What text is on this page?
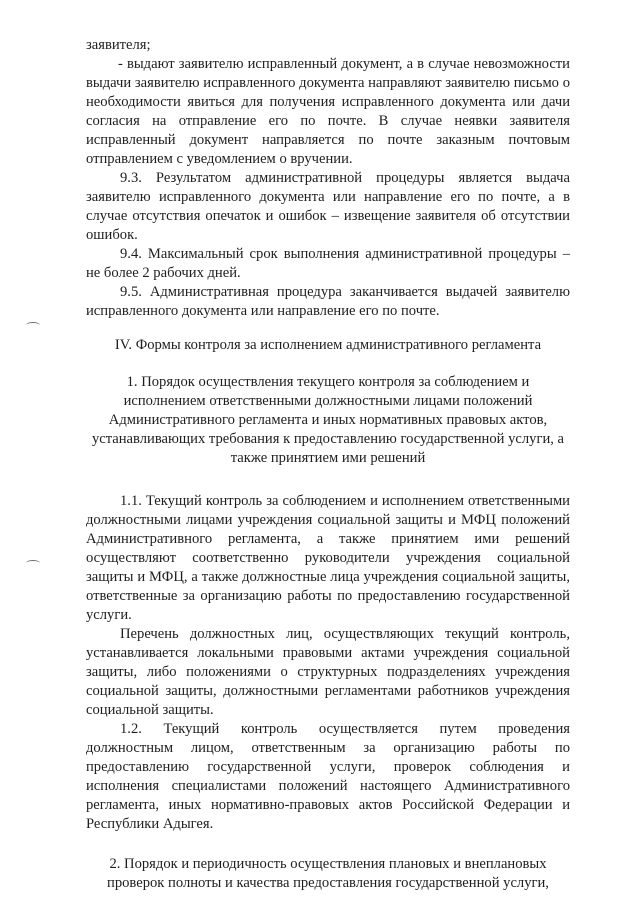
заявителя;

- выдают заявителю исправленный документ, а в случае невозможности выдачи заявителю исправленного документа направляют заявителю письмо о необходимости явиться для получения исправленного документа или дачи согласия на отправление его по почте. В случае неявки заявителя исправленный документ направляется по почте заказным почтовым отправлением с уведомлением о вручении.

9.3. Результатом административной процедуры является выдача заявителю исправленного документа или направление его по почте, а в случае отсутствия опечаток и ошибок – извещение заявителя об отсутствии ошибок.

9.4. Максимальный срок выполнения административной процедуры – не более 2 рабочих дней.

9.5. Административная процедура заканчивается выдачей заявителю исправленного документа или направление его по почте.

IV. Формы контроля за исполнением административного регламента

1. Порядок осуществления текущего контроля за соблюдением и исполнением ответственными должностными лицами положений Административного регламента и иных нормативных правовых актов, устанавливающих требования к предоставлению государственной услуги, а также принятием ими решений

1.1. Текущий контроль за соблюдением и исполнением ответственными должностными лицами учреждения социальной защиты и МФЦ положений Административного регламента, а также принятием ими решений осуществляют соответственно руководители учреждения социальной защиты и МФЦ, а также должностные лица учреждения социальной защиты, ответственные за организацию работы по предоставлению государственной услуги.

Перечень должностных лиц, осуществляющих текущий контроль, устанавливается локальными правовыми актами учреждения социальной защиты, либо положениями о структурных подразделениях учреждения социальной защиты, должностными регламентами работников учреждения социальной защиты.

1.2. Текущий контроль осуществляется путем проведения должностным лицом, ответственным за организацию работы по предоставлению государственной услуги, проверок соблюдения и исполнения специалистами положений настоящего Административного регламента, иных нормативно-правовых актов Российской Федерации и Республики Адыгея.

2. Порядок и периодичность осуществления плановых и внеплановых проверок полноты и качества предоставления государственной услуги,
